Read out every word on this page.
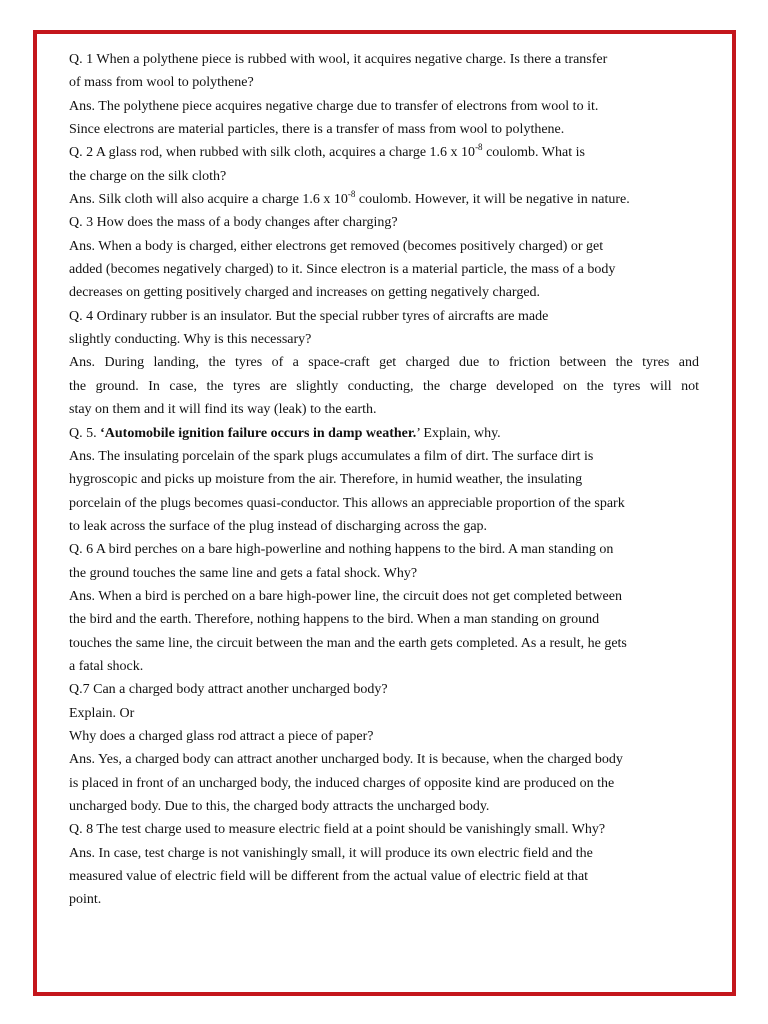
Q. 1 When a polythene piece is rubbed with wool, it acquires negative charge. Is there a transfer
of mass from wool to polythene?
Ans. The polythene piece acquires negative charge due to transfer of electrons from wool to it.
Since electrons are material particles, there is a transfer of mass from wool to polythene.
Q. 2 A glass rod, when rubbed with silk cloth, acquires a charge 1.6 x $10^{-8}$ coulomb. What is
the charge on the silk cloth?
Ans. Silk cloth will also acquire a charge 1.6 x $10^{-8}$ coulomb. However, it will be negative in nature.
Q. 3 How does the mass of a body changes after charging?
Ans. When a body is charged, either electrons get removed (becomes positively charged) or get
added (becomes negatively charged) to it. Since electron is a material particle, the mass of a body
decreases on getting positively charged and increases on getting negatively charged.
Q. 4 Ordinary rubber is an insulator. But the special rubber tyres of aircrafts are made
slightly conducting. Why is this necessary?
Ans. During landing, the tyres of a space-craft get charged due to friction between the tyres and
the ground. In case, the tyres are slightly conducting, the charge developed on the tyres will not
stay on them and it will find its way (leak) to the earth.
Q. 5. ‘Automobile ignition failure occurs in damp weather.’ Explain, why.
Ans. The insulating porcelain of the spark plugs accumulates a film of dirt. The surface dirt is
hygroscopic and picks up moisture from the air. Therefore, in humid weather, the insulating
porcelain of the plugs becomes quasi-conductor. This allows an appreciable proportion of the spark
to leak across the surface of the plug instead of discharging across the gap.
Q. 6 A bird perches on a bare high-powerline and nothing happens to the bird. A man standing on
the ground touches the same line and gets a fatal shock. Why?
Ans. When a bird is perched on a bare high-power line, the circuit does not get completed between
the bird and the earth. Therefore, nothing happens to the bird. When a man standing on ground
touches the same line, the circuit between the man and the earth gets completed. As a result, he gets
a fatal shock.
Q.7 Can a charged body attract another uncharged body?
Explain. Or
Why does a charged glass rod attract a piece of paper?
Ans. Yes, a charged body can attract another uncharged body. It is because, when the charged body
is placed in front of an uncharged body, the induced charges of opposite kind are produced on the
uncharged body. Due to this, the charged body attracts the uncharged body.
Q. 8 The test charge used to measure electric field at a point should be vanishingly small. Why?
Ans. In case, test charge is not vanishingly small, it will produce its own electric field and the
measured value of electric field will be different from the actual value of electric field at that
point.
